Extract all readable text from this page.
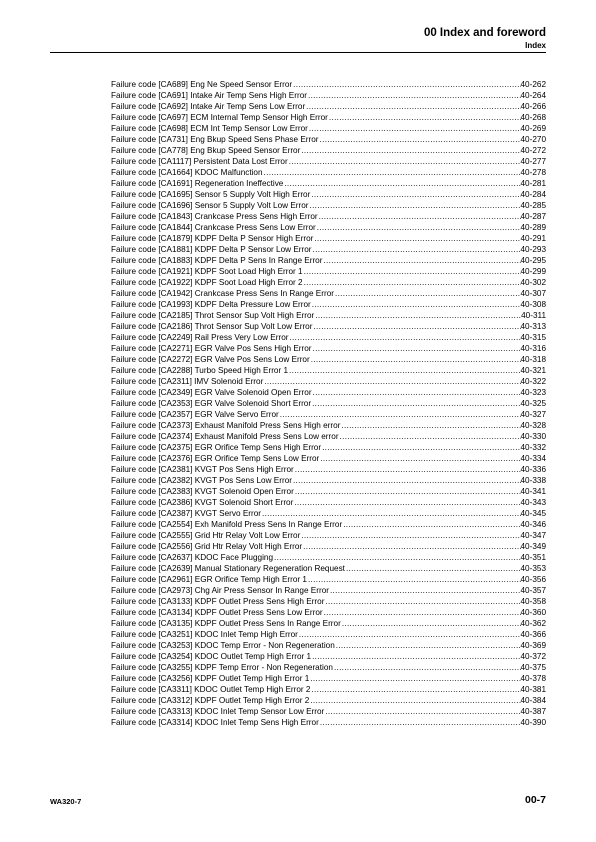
00 Index and foreword
Index
Failure code [CA689] Eng Ne Speed Sensor Error .....	40-262
Failure code [CA691] Intake Air Temp Sens High Error .....	40-264
Failure code [CA692] Intake Air Temp Sens Low Error .....	40-266
Failure code [CA697] ECM Internal Temp Sensor High Error .....	40-268
Failure code [CA698] ECM Int Temp Sensor Low Error .....	40-269
Failure code [CA731] Eng Bkup Speed Sens Phase Error .....	40-270
Failure code [CA778] Eng Bkup Speed Sensor Error .....	40-272
Failure code [CA1117] Persistent Data Lost Error .....	40-277
Failure code [CA1664] KDOC Malfunction .....	40-278
Failure code [CA1691] Regeneration Ineffective .....	40-281
Failure code [CA1695] Sensor 5 Supply Volt High Error .....	40-284
Failure code [CA1696] Sensor 5 Supply Volt Low Error .....	40-285
Failure code [CA1843] Crankcase Press Sens High Error .....	40-287
Failure code [CA1844] Crankcase Press Sens Low Error .....	40-289
Failure code [CA1879] KDPF Delta P Sensor High Error .....	40-291
Failure code [CA1881] KDPF Delta P Sensor Low Error .....	40-293
Failure code [CA1883] KDPF Delta P Sens In Range Error .....	40-295
Failure code [CA1921] KDPF Soot Load High Error 1 .....	40-299
Failure code [CA1922] KDPF Soot Load High Error 2 .....	40-302
Failure code [CA1942] Crankcase Press Sens In Range Error .....	40-307
Failure code [CA1993] KDPF Delta Pressure Low Error .....	40-308
Failure code [CA2185] Throt Sensor Sup Volt High Error .....	40-311
Failure code [CA2186] Throt Sensor Sup Volt Low Error .....	40-313
Failure code [CA2249] Rail Press Very Low Error .....	40-315
Failure code [CA2271] EGR Valve Pos Sens High Error .....	40-316
Failure code [CA2272] EGR Valve Pos Sens Low Error .....	40-318
Failure code [CA2288] Turbo Speed High Error 1 .....	40-321
Failure code [CA2311] IMV Solenoid Error .....	40-322
Failure code [CA2349] EGR Valve Solenoid Open Error .....	40-323
Failure code [CA2353] EGR Valve Solenoid Short Error .....	40-325
Failure code [CA2357] EGR Valve Servo Error .....	40-327
Failure code [CA2373] Exhaust Manifold Press Sens High error .....	40-328
Failure code [CA2374] Exhaust Manifold Press Sens Low error .....	40-330
Failure code [CA2375] EGR Orifice Temp Sens High Error .....	40-332
Failure code [CA2376] EGR Orifice Temp Sens Low Error .....	40-334
Failure code [CA2381] KVGT Pos Sens High Error .....	40-336
Failure code [CA2382] KVGT Pos Sens Low Error .....	40-338
Failure code [CA2383] KVGT Solenoid Open Error .....	40-341
Failure code [CA2386] KVGT Solenoid Short Error .....	40-343
Failure code [CA2387] KVGT Servo Error .....	40-345
Failure code [CA2554] Exh Manifold Press Sens In Range Error .....	40-346
Failure code [CA2555] Grid Htr Relay Volt Low Error .....	40-347
Failure code [CA2556] Grid Htr Relay Volt High Error .....	40-349
Failure code [CA2637] KDOC Face Plugging .....	40-351
Failure code [CA2639] Manual Stationary Regeneration Request .....	40-353
Failure code [CA2961] EGR Orifice Temp High Error 1 .....	40-356
Failure code [CA2973] Chg Air Press Sensor In Range Error .....	40-357
Failure code [CA3133] KDPF Outlet Press Sens High Error .....	40-358
Failure code [CA3134] KDPF Outlet Press Sens Low Error .....	40-360
Failure code [CA3135] KDPF Outlet Press Sens In Range Error .....	40-362
Failure code [CA3251] KDOC Inlet Temp High Error .....	40-366
Failure code [CA3253] KDOC Temp Error - Non Regeneration .....	40-369
Failure code [CA3254] KDOC Outlet Temp High Error 1 .....	40-372
Failure code [CA3255] KDPF Temp Error - Non Regeneration .....	40-375
Failure code [CA3256] KDPF Outlet Temp High Error 1 .....	40-378
Failure code [CA3311] KDOC Outlet Temp High Error 2 .....	40-381
Failure code [CA3312] KDPF Outlet Temp High Error 2 .....	40-384
Failure code [CA3313] KDOC Inlet Temp Sensor Low Error .....	40-387
Failure code [CA3314] KDOC Inlet Temp Sens High Error .....	40-390
WA320-7	00-7
